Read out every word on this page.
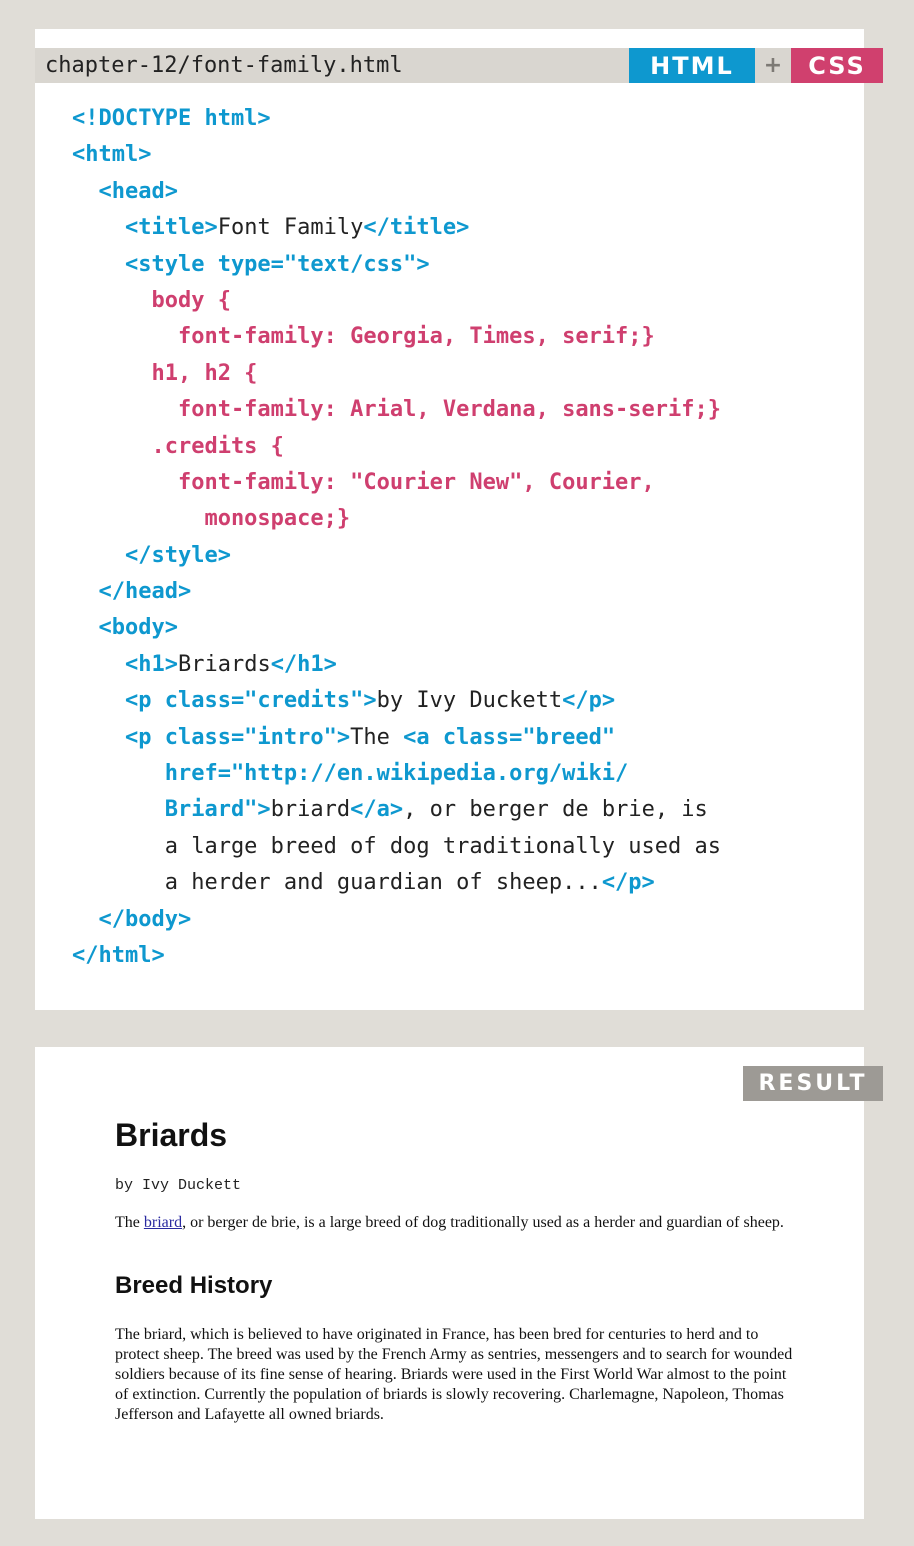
chapter-12/font-family.html	HTML	+	CSS
<!DOCTYPE html>
<html>
<head>
<title>Font Family</title>
<style type="text/css">
body {
font-family: Georgia, Times, serif;}
h1, h2 {
font-family: Arial, Verdana, sans-serif;}
.credits {
font-family: "Courier New", Courier,
monospace;}
</style>
</head>
<body>
<h1>Briards</h1>
<p class="credits">by Ivy Duckett</p>
<p class="intro">The <a class="breed"
href="http://en.wikipedia.org/wiki/
Briard">briard</a>, or berger de brie, is
a large breed of dog traditionally used as
a herder and guardian of sheep...</p>
</body>
</html>
RESULT
Briards

by Ivy Duckett

The briard, or berger de brie, is a large breed of dog traditionally used as a herder and guardian of sheep.

Breed History

The briard, which is believed to have originated in France, has been bred for centuries to herd and to protect sheep. The breed was used by the French Army as sentries, messengers and to search for wounded soldiers because of its fine sense of hearing. Briards were used in the First World War almost to the point of extinction. Currently the population of briards is slowly recovering. Charlemagne, Napoleon, Thomas Jefferson and Lafayette all owned briards.
